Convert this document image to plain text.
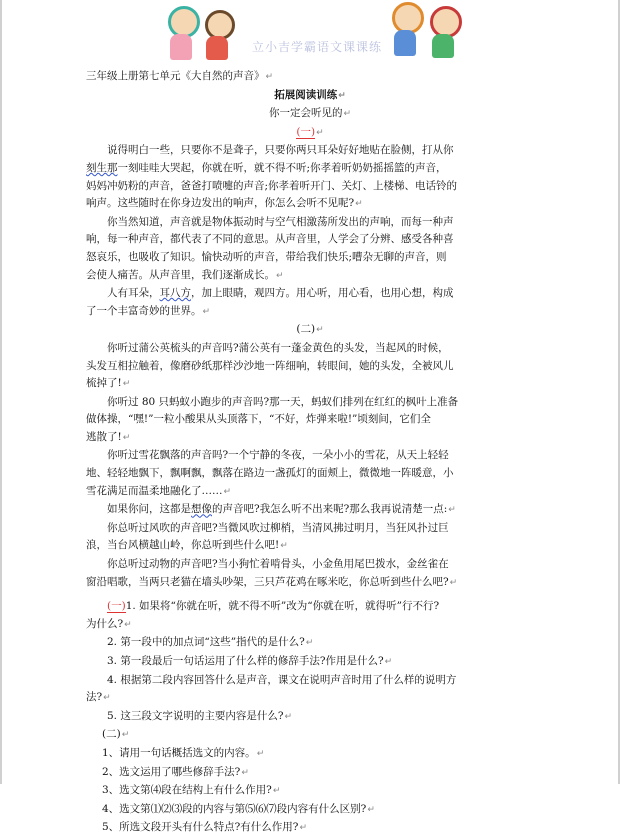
立小吉学霸语文课课练
三年级上册第七单元《大自然的声音》↵
拓展阅读训练↵
你一定会听见的↵
(一)↵
说得明白一些，只要你不是聋子，只要你两只耳朵好好地贴在脸侧，打从你
刻生那一刻哇哇大哭起，你就在听，就不得不听;你孝着听奶奶摇摇篮的声音，
妈妈冲奶粉的声音，爸爸打喷嚏的声音;你孝着听开门、关灯、上楼梯、电话铃的
响声。这些随时在你身边发出的响声，你怎么会听不见呢?↵
你当然知道，声音就是物体振动时与空气相激荡所发出的声响，而每一种声
响，每一种声音，都代表了不同的意思。从声音里，人学会了分辨、感受各种喜
怒哀乐，也吸收了知识。愉快动听的声音，带给我们快乐;嘈杂无聊的声音，则
会使人痛苦。从声音里，我们逐渐成长。↵
人有耳朵，耳八方，加上眼睛，观四方。用心听，用心看，也用心想，构成
了一个丰富奇妙的世界。↵
(二)↵
你听过蒲公英梳头的声音吗?蒲公英有一蓬金黄色的头发，当起风的时候，
头发互相拉触着，像磨砂纸那样沙沙地一阵细响，转眼间，她的头发，全被风儿
梳掉了!↵
你听过 80 只蚂蚁小跑步的声音吗?那一天，蚂蚁们排列在红红的枫叶上准备
做体操，“嘿!”一粒小酸果从头顶落下，“不好，炸弹来啦!”顷刻间，它们全
逃散了!↵
你听过雪花飘落的声音吗?一个宁静的冬夜，一朵小小的雪花，从天上轻轻
地、轻轻地飘下，飘啊飘，飘落在路边一盏孤灯的面颊上，微微地一阵暖意，小
雪花满足而温柔地融化了……↵
如果你问，这都是想像的声音吧?我怎么听不出来呢?那么我再说清楚一点:↵
你总听过风吹的声音吧?当微风吹过柳梢，当清风拂过明月，当狂风扑过巨
浪，当台风横越山岭，你总听到些什么吧!↵
你总听过动物的声音吧?当小狗忙着啃骨头，小金鱼用尾巴拨水，金丝雀在
窗沿唱歌，当两只老猫在墙头吵架，三只芦花鸡在啄米吃，你总听到些什么吧?↵
(一)1. 如果将“你就在听，就不得不听”改为“你就在听，就得听”行不行?
为什么?↵
2. 第一段中的加点词“这些”指代的是什么?↵
3. 第一段最后一句话运用了什么样的修辞手法?作用是什么?↵
4. 根据第二段内容回答什么是声音，课文在说明声音时用了什么样的说明方
法?↵
5. 这三段文字说明的主要内容是什么?↵
(二)↵
1、请用一句话概括选文的内容。↵
2、选文运用了哪些修辞手法?↵
3、选文第⑷段在结构上有什么作用?↵
4、选文第⑴⑵⑶段的内容与第⑸⑹⑺段内容有什么区别?↵
5、所选文段开头有什么特点?有什么作用?↵
